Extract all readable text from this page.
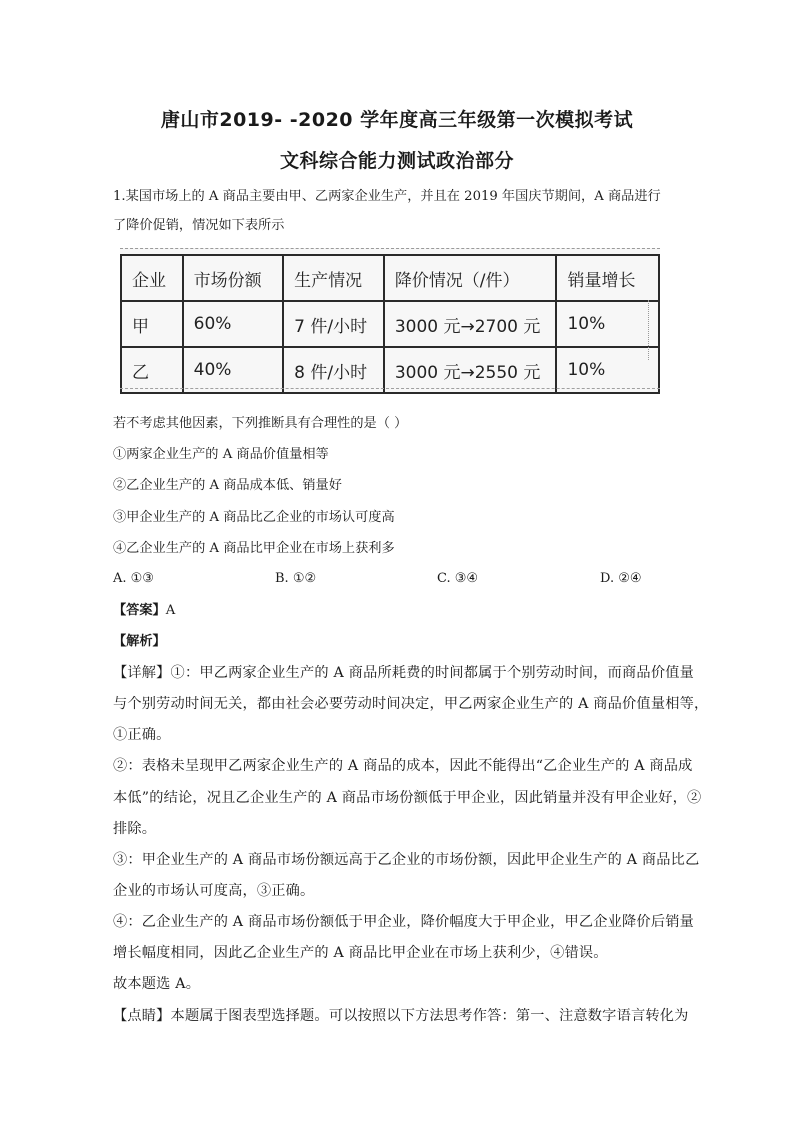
唐山市2019- -2020 学年度高三年级第一次模拟考试
文科综合能力测试政治部分
1.某国市场上的 A 商品主要由甲、乙两家企业生产，并且在 2019 年国庆节期间，A 商品进行
了降价促销，情况如下表所示
企业	市场份额	生产情况	降价情况（/件）	销量增长
甲	60%	7 件/小时	3000 元→2700 元	10%
乙	40%	8 件/小时	3000 元→2550 元	10%
若不考虑其他因素，下列推断具有合理性的是（ ）
①两家企业生产的 A 商品价值量相等
②乙企业生产的 A 商品成本低、销量好
③甲企业生产的 A 商品比乙企业的市场认可度高
④乙企业生产的 A 商品比甲企业在市场上获利多
A. ①③	B. ①②	C. ③④	D. ②④
【答案】A
【解析】
【详解】①：甲乙两家企业生产的 A 商品所耗费的时间都属于个别劳动时间，而商品价值量
与个别劳动时间无关，都由社会必要劳动时间决定，甲乙两家企业生产的 A 商品价值量相等，
①正确。
②：表格未呈现甲乙两家企业生产的 A 商品的成本，因此不能得出“乙企业生产的 A 商品成
本低”的结论，况且乙企业生产的 A 商品市场份额低于甲企业，因此销量并没有甲企业好，②
排除。
③：甲企业生产的 A 商品市场份额远高于乙企业的市场份额，因此甲企业生产的 A 商品比乙
企业的市场认可度高，③正确。
④：乙企业生产的 A 商品市场份额低于甲企业，降价幅度大于甲企业，甲乙企业降价后销量
增长幅度相同，因此乙企业生产的 A 商品比甲企业在市场上获利少，④错误。
故本题选 A。
【点睛】本题属于图表型选择题。可以按照以下方法思考作答：第一、注意数字语言转化为
